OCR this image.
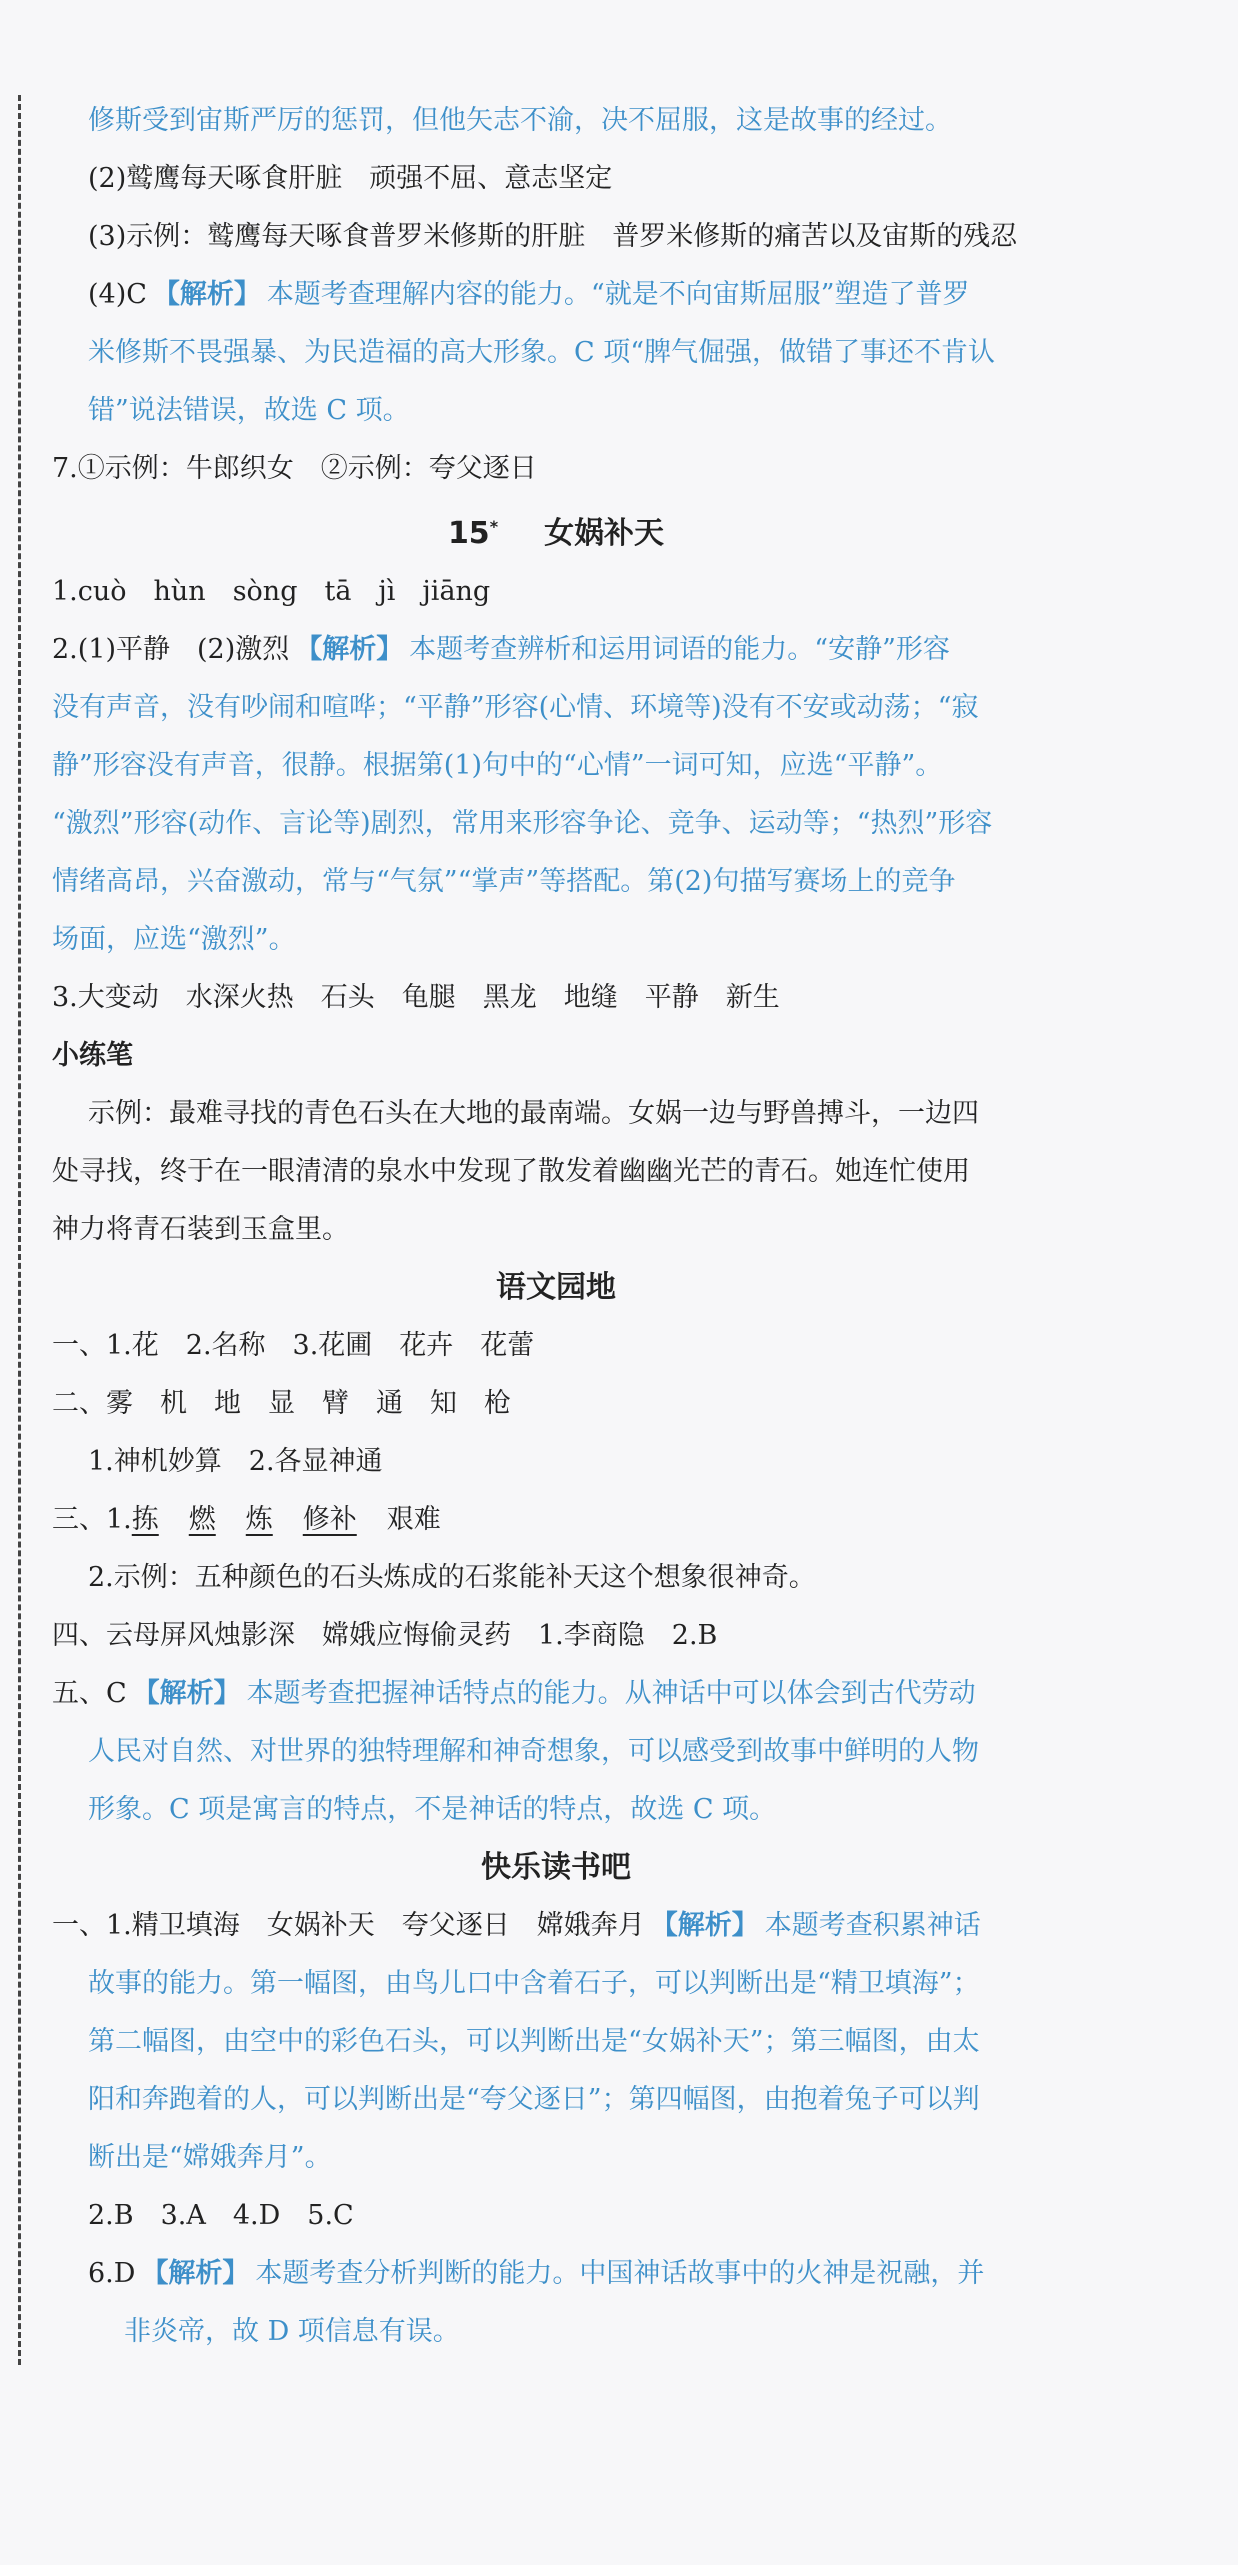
修斯受到宙斯严厉的惩罚，但他矢志不渝，决不屈服，这是故事的经过。

(2)鹫鹰每天啄食肝脏　顽强不屈、意志坚定

(3)示例：鹫鹰每天啄食普罗米修斯的肝脏　普罗米修斯的痛苦以及宙斯的残忍

(4)C 【解析】 本题考查理解内容的能力。“就是不向宙斯屈服”塑造了普罗

米修斯不畏强暴、为民造福的高大形象。C 项“脾气倔强，做错了事还不肯认

错”说法错误，故选 C 项。

7.①示例：牛郎织女　②示例：夸父逐日

15* 女娲补天

1.cuò　hùn　sòng　tā　jì　jiāng

2.(1)平静　(2)激烈 【解析】 本题考查辨析和运用词语的能力。“安静”形容

没有声音，没有吵闹和喧哗；“平静”形容(心情、环境等)没有不安或动荡；“寂

静”形容没有声音，很静。根据第(1)句中的“心情”一词可知，应选“平静”。

“激烈”形容(动作、言论等)剧烈，常用来形容争论、竞争、运动等；“热烈”形容

情绪高昂，兴奋激动，常与“气氛”“掌声”等搭配。第(2)句描写赛场上的竞争

场面，应选“激烈”。

3.大变动　水深火热　石头　龟腿　黑龙　地缝　平静　新生

小练笔

示例：最难寻找的青色石头在大地的最南端。女娲一边与野兽搏斗，一边四

处寻找，终于在一眼清清的泉水中发现了散发着幽幽光芒的青石。她连忙使用

神力将青石装到玉盒里。

语文园地

一、1.花　2.名称　3.花圃　花卉　花蕾

二、雾　机　地　显　臂　通　知　枪

1.神机妙算　2.各显神通

三、1.拣 燃 炼 修补 艰难

2.示例：五种颜色的石头炼成的石浆能补天这个想象很神奇。

四、云母屏风烛影深　嫦娥应悔偷灵药　1.李商隐　2.B

五、C 【解析】 本题考查把握神话特点的能力。从神话中可以体会到古代劳动

人民对自然、对世界的独特理解和神奇想象，可以感受到故事中鲜明的人物

形象。C 项是寓言的特点，不是神话的特点，故选 C 项。

快乐读书吧

一、1.精卫填海　女娲补天　夸父逐日　嫦娥奔月 【解析】 本题考查积累神话

故事的能力。第一幅图，由鸟儿口中含着石子，可以判断出是“精卫填海”；

第二幅图，由空中的彩色石头，可以判断出是“女娲补天”；第三幅图，由太

阳和奔跑着的人，可以判断出是“夸父逐日”；第四幅图，由抱着兔子可以判

断出是“嫦娥奔月”。

2.B　3.A　4.D　5.C

6.D 【解析】 本题考查分析判断的能力。中国神话故事中的火神是祝融，并

非炎帝，故 D 项信息有误。
